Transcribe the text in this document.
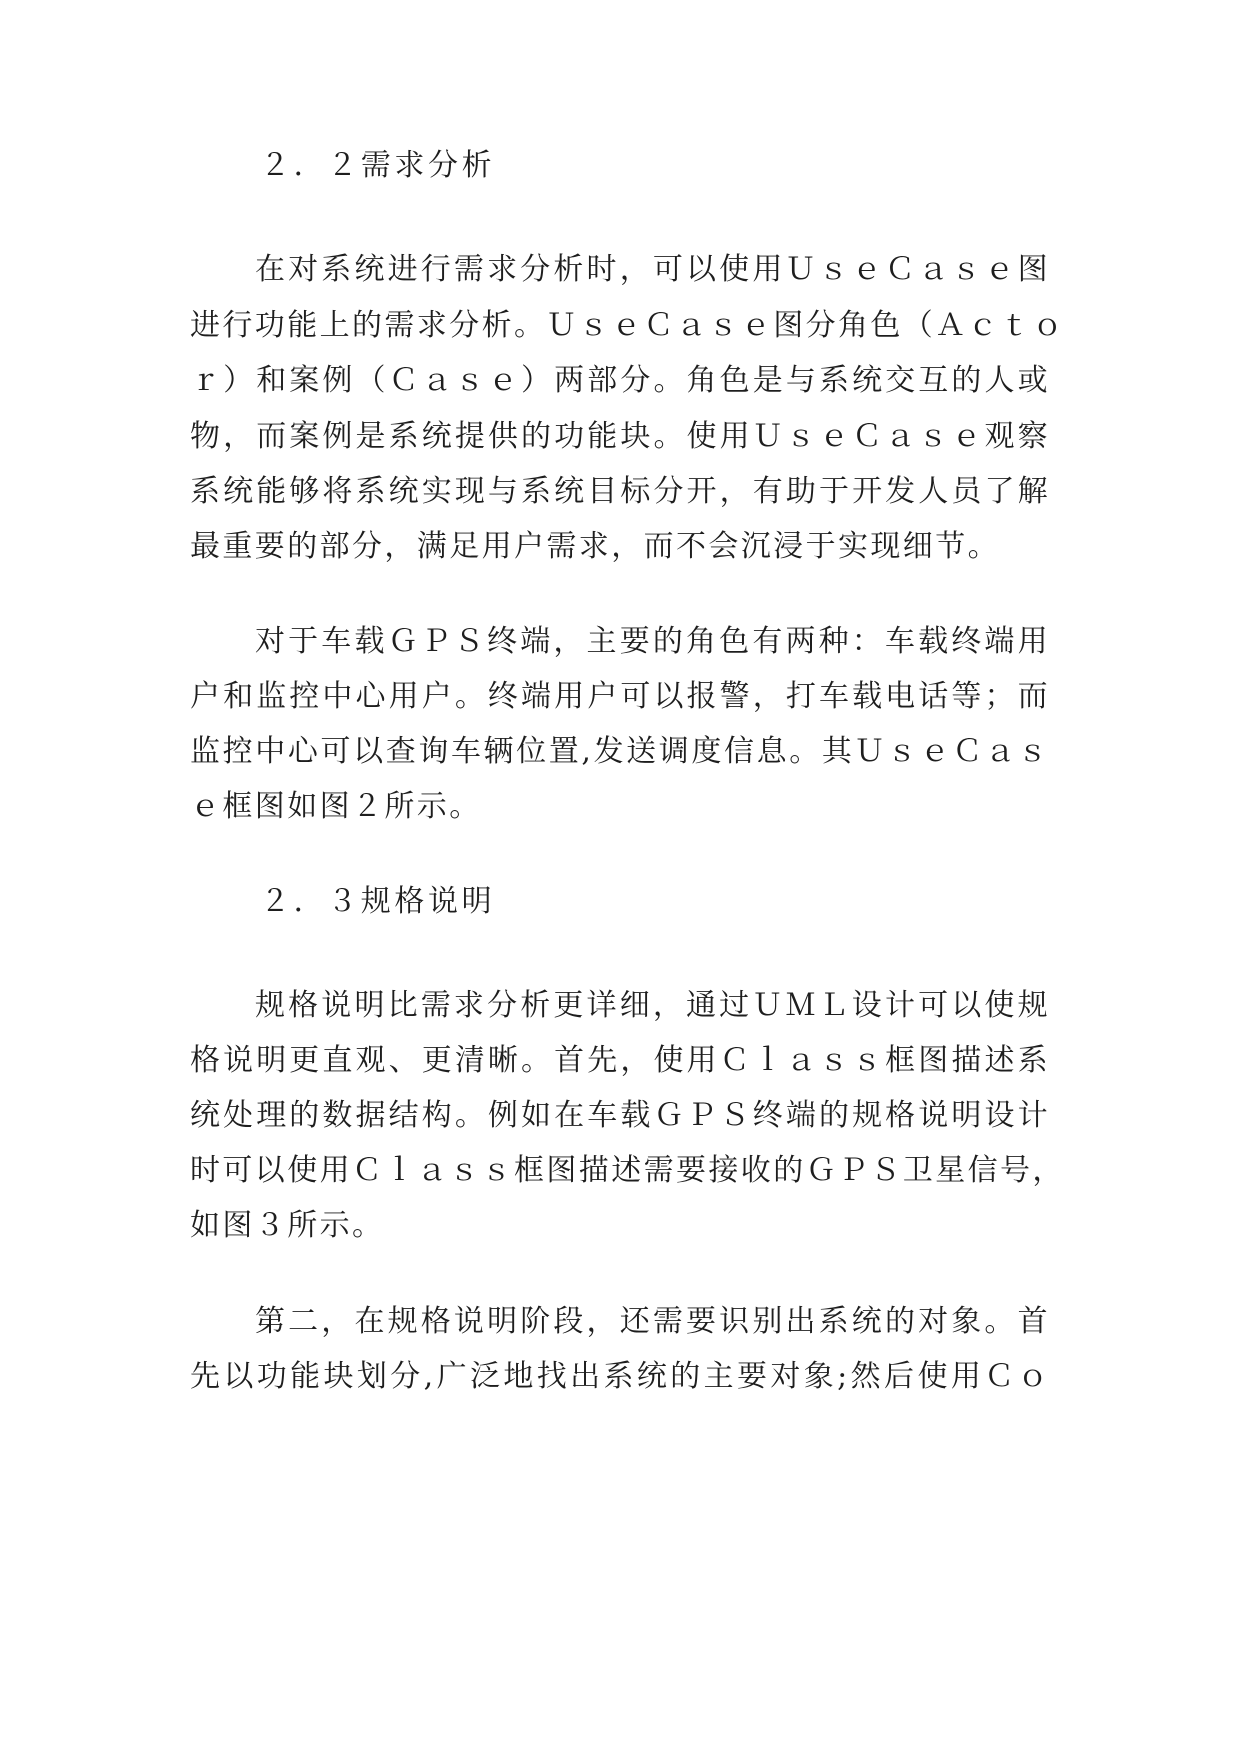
２．２需求分析
在对系统进行需求分析时，可以使用ＵｓｅＣａｓｅ图
进行功能上的需求分析。ＵｓｅＣａｓｅ图分角色（Ａｃｔｏ
ｒ）和案例（Ｃａｓｅ）两部分。角色是与系统交互的人或
物，而案例是系统提供的功能块。使用ＵｓｅＣａｓｅ观察
系统能够将系统实现与系统目标分开，有助于开发人员了解
最重要的部分，满足用户需求，而不会沉浸于实现细节。
对于车载ＧＰＳ终端，主要的角色有两种：车载终端用
户和监控中心用户。终端用户可以报警，打车载电话等；而
监控中心可以查询车辆位置,发送调度信息。其ＵｓｅＣａｓ
ｅ框图如图２所示。
２．３规格说明
规格说明比需求分析更详细，通过ＵＭＬ设计可以使规
格说明更直观、更清晰。首先，使用Ｃｌａｓｓ框图描述系
统处理的数据结构。例如在车载ＧＰＳ终端的规格说明设计
时可以使用Ｃｌａｓｓ框图描述需要接收的ＧＰＳ卫星信号，
如图３所示。
第二，在规格说明阶段，还需要识别出系统的对象。首
先以功能块划分,广泛地找出系统的主要对象;然后使用Ｃｏ
